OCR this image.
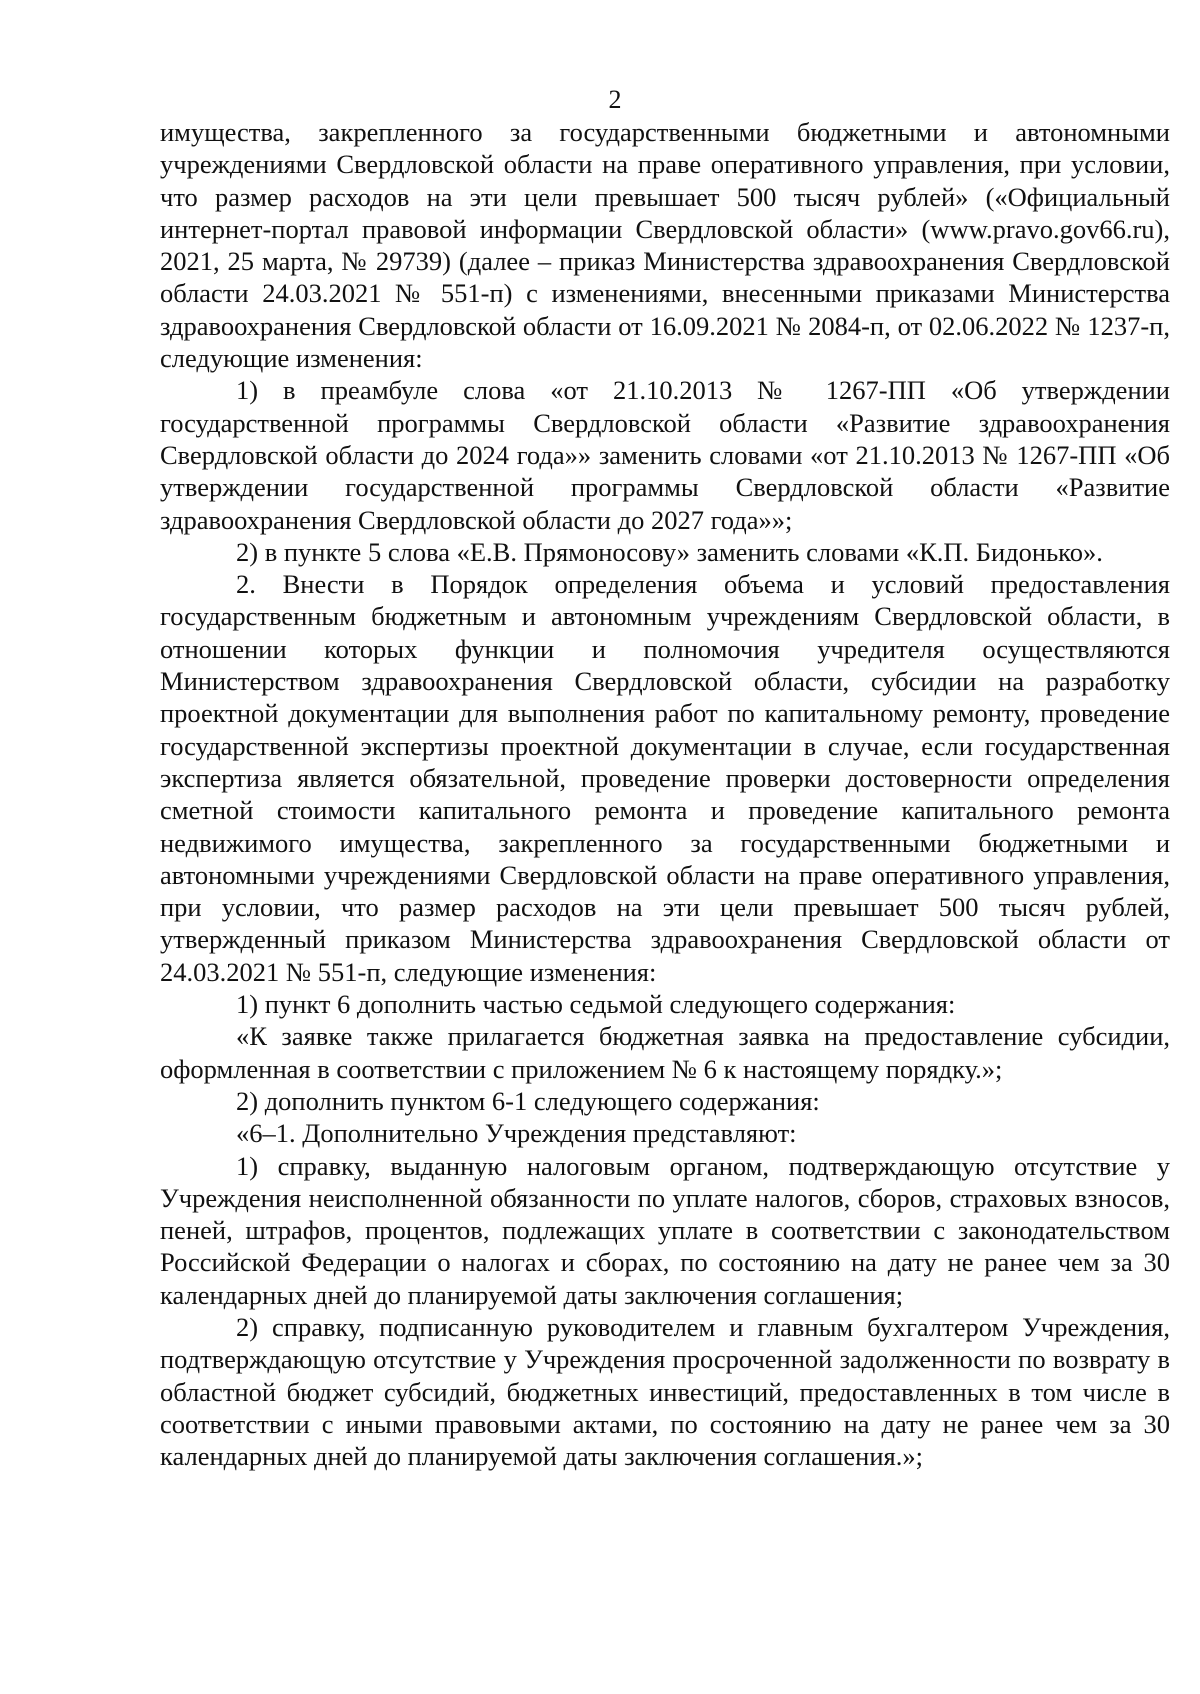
2

имущества, закрепленного за государственными бюджетными и автономными учреждениями Свердловской области на праве оперативного управления, при условии, что размер расходов на эти цели превышает 500 тысяч рублей» («Официальный интернет-портал правовой информации Свердловской области» (www.pravo.gov66.ru), 2021, 25 марта, № 29739) (далее – приказ Министерства здравоохранения Свердловской области 24.03.2021 № 551-п) с изменениями, внесенными приказами Министерства здравоохранения Свердловской области от 16.09.2021 № 2084-п, от 02.06.2022 № 1237-п, следующие изменения:

1) в преамбуле слова «от 21.10.2013 № 1267-ПП «Об утверждении государственной программы Свердловской области «Развитие здравоохранения Свердловской области до 2024 года»» заменить словами «от 21.10.2013 № 1267-ПП «Об утверждении государственной программы Свердловской области «Развитие здравоохранения Свердловской области до 2027 года»»;

2) в пункте 5 слова «Е.В. Прямоносову» заменить словами «К.П. Бидонько».

2. Внести в Порядок определения объема и условий предоставления государственным бюджетным и автономным учреждениям Свердловской области, в отношении которых функции и полномочия учредителя осуществляются Министерством здравоохранения Свердловской области, субсидии на разработку проектной документации для выполнения работ по капитальному ремонту, проведение государственной экспертизы проектной документации в случае, если государственная экспертиза является обязательной, проведение проверки достоверности определения сметной стоимости капитального ремонта и проведение капитального ремонта недвижимого имущества, закрепленного за государственными бюджетными и автономными учреждениями Свердловской области на праве оперативного управления, при условии, что размер расходов на эти цели превышает 500 тысяч рублей, утвержденный приказом Министерства здравоохранения Свердловской области от 24.03.2021 № 551-п, следующие изменения:

1) пункт 6 дополнить частью седьмой следующего содержания:

«К заявке также прилагается бюджетная заявка на предоставление субсидии, оформленная в соответствии с приложением № 6 к настоящему порядку.»;

2) дополнить пунктом 6-1 следующего содержания:

«6–1. Дополнительно Учреждения представляют:

1) справку, выданную налоговым органом, подтверждающую отсутствие у Учреждения неисполненной обязанности по уплате налогов, сборов, страховых взносов, пеней, штрафов, процентов, подлежащих уплате в соответствии с законодательством Российской Федерации о налогах и сборах, по состоянию на дату не ранее чем за 30 календарных дней до планируемой даты заключения соглашения;

2) справку, подписанную руководителем и главным бухгалтером Учреждения, подтверждающую отсутствие у Учреждения просроченной задолженности по возврату в областной бюджет субсидий, бюджетных инвестиций, предоставленных в том числе в соответствии с иными правовыми актами, по состоянию на дату не ранее чем за 30 календарных дней до планируемой даты заключения соглашения.»;
